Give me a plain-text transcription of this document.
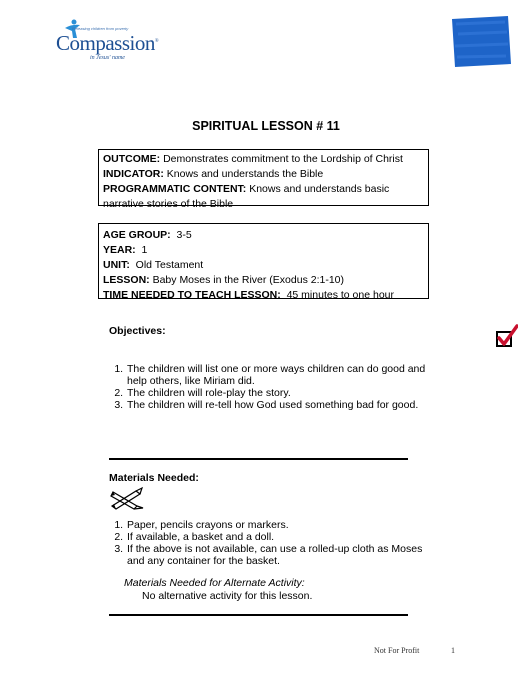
Releasing children from poverty
Compassion®
in Jesus' name
SPIRITUAL LESSON # 11
OUTCOME: Demonstrates commitment to the Lordship of Christ
INDICATOR: Knows and understands the Bible
PROGRAMMATIC CONTENT: Knows and understands basic narrative stories of the Bible
AGE GROUP:  3-5
YEAR:  1
UNIT:  Old Testament
LESSON: Baby Moses in the River (Exodus 2:1-10)
TIME NEEDED TO TEACH LESSON:  45 minutes to one hour
Objectives:
1. The children will list one or more ways children can do good and help others, like Miriam did.
2. The children will role-play the story.
3. The children will re-tell how God used something bad for good.
Materials Needed:
1. Paper, pencils crayons or markers.
2. If available, a basket and a doll.
3. If the above is not available, can use a rolled-up cloth as Moses and any container for the basket.
Materials Needed for Alternate Activity:
No alternative activity for this lesson.
Not For Profit	1
